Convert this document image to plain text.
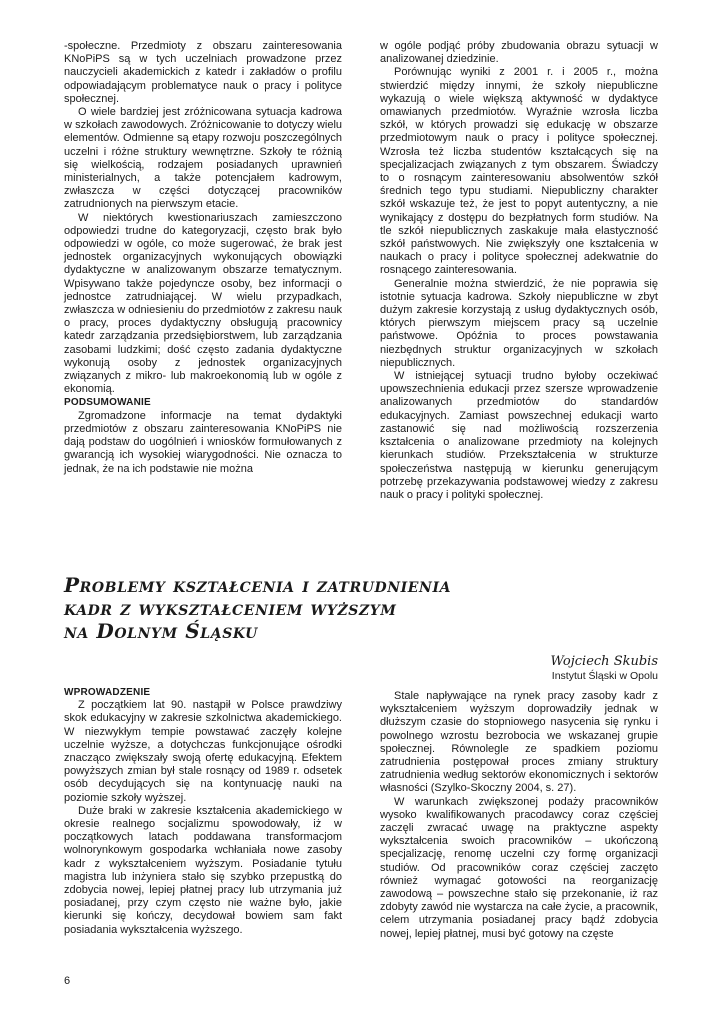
-społeczne. Przedmioty z obszaru zainteresowania KNoPiPS są w tych uczelniach prowadzone przez nauczycieli akademickich z katedr i zakładów o profilu odpowiadającym problematyce nauk o pracy i polityce społecznej.

O wiele bardziej jest zróżnicowana sytuacja kadrowa w szkołach zawodowych. Zróżnicowanie to dotyczy wielu elementów. Odmienne są etapy rozwoju poszczególnych uczelni i różne struktury wewnętrzne. Szkoły te różnią się wielkością, rodzajem posiadanych uprawnień ministerialnych, a także potencjałem kadrowym, zwłaszcza w części dotyczącej pracowników zatrudnionych na pierwszym etacie.

W niektórych kwestionariuszach zamieszczono odpowiedzi trudne do kategoryzacji, często brak było odpowiedzi w ogóle, co może sugerować, że brak jest jednostek organizacyjnych wykonujących obowiązki dydaktyczne w analizowanym obszarze tematycznym. Wpisywano także pojedyncze osoby, bez informacji o jednostce zatrudniającej. W wielu przypadkach, zwłaszcza w odniesieniu do przedmiotów z zakresu nauk o pracy, proces dydaktyczny obsługują pracownicy katedr zarządzania przedsiębiorstwem, lub zarządzania zasobami ludzkimi; dość często zadania dydaktyczne wykonują osoby z jednostek organizacyjnych związanych z mikro- lub makroekonomią lub w ogóle z ekonomią.

PODSUMOWANIE

Zgromadzone informacje na temat dydaktyki przedmiotów z obszaru zainteresowania KNoPiPS nie dają podstaw do uogólnień i wniosków formułowanych z gwarancją ich wysokiej wiarygodności. Nie oznacza to jednak, że na ich podstawie nie można

w ogóle podjąć próby zbudowania obrazu sytuacji w analizowanej dziedzinie.

Porównując wyniki z 2001 r. i 2005 r., można stwierdzić między innymi, że szkoły niepubliczne wykazują o wiele większą aktywność w dydaktyce omawianych przedmiotów. Wyraźnie wzrosła liczba szkół, w których prowadzi się edukację w obszarze przedmiotowym nauk o pracy i polityce społecznej. Wzrosła też liczba studentów kształcących się na specjalizacjach związanych z tym obszarem. Świadczy to o rosnącym zainteresowaniu absolwentów szkół średnich tego typu studiami. Niepubliczny charakter szkół wskazuje też, że jest to popyt autentyczny, a nie wynikający z dostępu do bezpłatnych form studiów. Na tle szkół niepublicznych zaskakuje mała elastyczność szkół państwowych. Nie zwiększyły one kształcenia w naukach o pracy i polityce społecznej adekwatnie do rosnącego zainteresowania.

Generalnie można stwierdzić, że nie poprawia się istotnie sytuacja kadrowa. Szkoły niepubliczne w zbyt dużym zakresie korzystają z usług dydaktycznych osób, których pierwszym miejscem pracy są uczelnie państwowe. Opóźnia to proces powstawania niezbędnych struktur organizacyjnych w szkołach niepublicznych.

W istniejącej sytuacji trudno byłoby oczekiwać upowszechnienia edukacji przez szersze wprowadzenie analizowanych przedmiotów do standardów edukacyjnych. Zamiast powszechnej edukacji warto zastanowić się nad możliwością rozszerzenia kształcenia o analizowane przedmioty na kolejnych kierunkach studiów. Przekształcenia w strukturze społeczeństwa następują w kierunku generującym potrzebę przekazywania podstawowej wiedzy z zakresu nauk o pracy i polityki społecznej.

Problemy kształcenia i zatrudnienia
kadr z wykształceniem wyższym
na Dolnym Śląsku
Wojciech Skubis
Instytut Śląski w Opolu

WPROWADZENIE

Z początkiem lat 90. nastąpił w Polsce prawdziwy skok edukacyjny w zakresie szkolnictwa akademickiego. W niezwykłym tempie powstawać zaczęły kolejne uczelnie wyższe, a dotychczas funkcjonujące ośrodki znacząco zwiększały swoją ofertę edukacyjną. Efektem powyższych zmian był stale rosnący od 1989 r. odsetek osób decydujących się na kontynuację nauki na poziomie szkoły wyższej.

Duże braki w zakresie kształcenia akademickiego w okresie realnego socjalizmu spowodowały, iż w początkowych latach poddawana transformacjom wolnorynkowym gospodarka wchłaniała nowe zasoby kadr z wykształceniem wyższym. Posiadanie tytułu magistra lub inżyniera stało się szybko przepustką do zdobycia nowej, lepiej płatnej pracy lub utrzymania już posiadanej, przy czym często nie ważne było, jakie kierunki się kończy, decydował bowiem sam fakt posiadania wykształcenia wyższego.

Stale napływające na rynek pracy zasoby kadr z wykształceniem wyższym doprowadziły jednak w dłuższym czasie do stopniowego nasycenia się rynku i powolnego wzrostu bezrobocia we wskazanej grupie społecznej. Równolegle ze spadkiem poziomu zatrudnienia postępował proces zmiany struktury zatrudnienia według sektorów ekonomicznych i sektorów własności (Szylko-Skoczny 2004, s. 27).

W warunkach zwiększonej podaży pracowników wysoko kwalifikowanych pracodawcy coraz częściej zaczęli zwracać uwagę na praktyczne aspekty wykształcenia swoich pracowników – ukończoną specjalizację, renomę uczelni czy formę organizacji studiów. Od pracowników coraz częściej zaczęto również wymagać gotowości na reorganizację zawodową – powszechne stało się przekonanie, iż raz zdobyty zawód nie wystarcza na całe życie, a pracownik, celem utrzymania posiadanej pracy bądź zdobycia nowej, lepiej płatnej, musi być gotowy na częste

6
